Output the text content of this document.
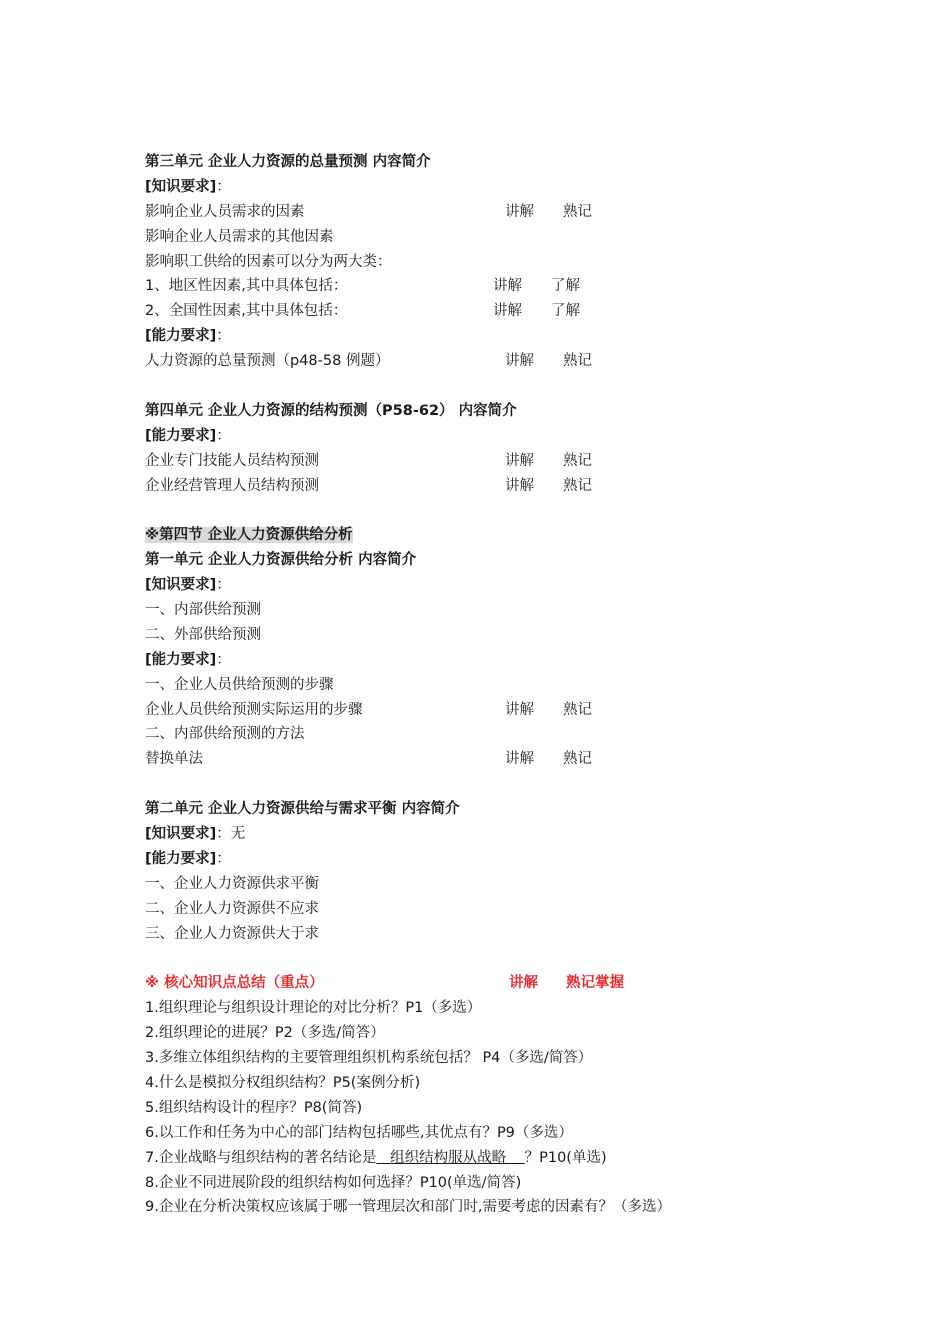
第三单元 企业人力资源的总量预测 内容简介
[知识要求]：
影响企业人员需求的因素	讲解 熟记
影响企业人员需求的其他因素
影响职工供给的因素可以分为两大类：
1、地区性因素,其中具体包括：	讲解 了解
2、全国性因素,其中具体包括：	讲解 了解
[能力要求]：
人力资源的总量预测（p48-58 例题）	讲解 熟记
第四单元 企业人力资源的结构预测（P58-62） 内容简介
[能力要求]：
企业专门技能人员结构预测	讲解 熟记
企业经营管理人员结构预测	讲解 熟记
※第四节 企业人力资源供给分析
第一单元 企业人力资源供给分析 内容简介
[知识要求]：
一、内部供给预测
二、外部供给预测
[能力要求]：
一、企业人员供给预测的步骤
企业人员供给预测实际运用的步骤	讲解 熟记
二、内部供给预测的方法
替换单法	讲解 熟记
第二单元 企业人力资源供给与需求平衡 内容简介
[知识要求]：无
[能力要求]：
一、企业人力资源供求平衡
二、企业人力资源供不应求
三、企业人力资源供大于求
※ 核心知识点总结（重点）	讲解 熟记掌握
1.组织理论与组织设计理论的对比分析？P1（多选）
2.组织理论的进展？P2（多选/简答）
3.多维立体组织结构的主要管理组织机构系统包括？ P4（多选/简答）
4.什么是模拟分权组织结构？P5(案例分析)
5.组织结构设计的程序？P8(简答)
6.以工作和任务为中心的部门结构包括哪些,其优点有？P9（多选）
7.企业战略与组织结构的著名结论是   组织结构服从战略    ？P10(单选)
8.企业不同进展阶段的组织结构如何选择？P10(单选/简答)
9.企业在分析决策权应该属于哪一管理层次和部门时,需要考虑的因素有？（多选）
